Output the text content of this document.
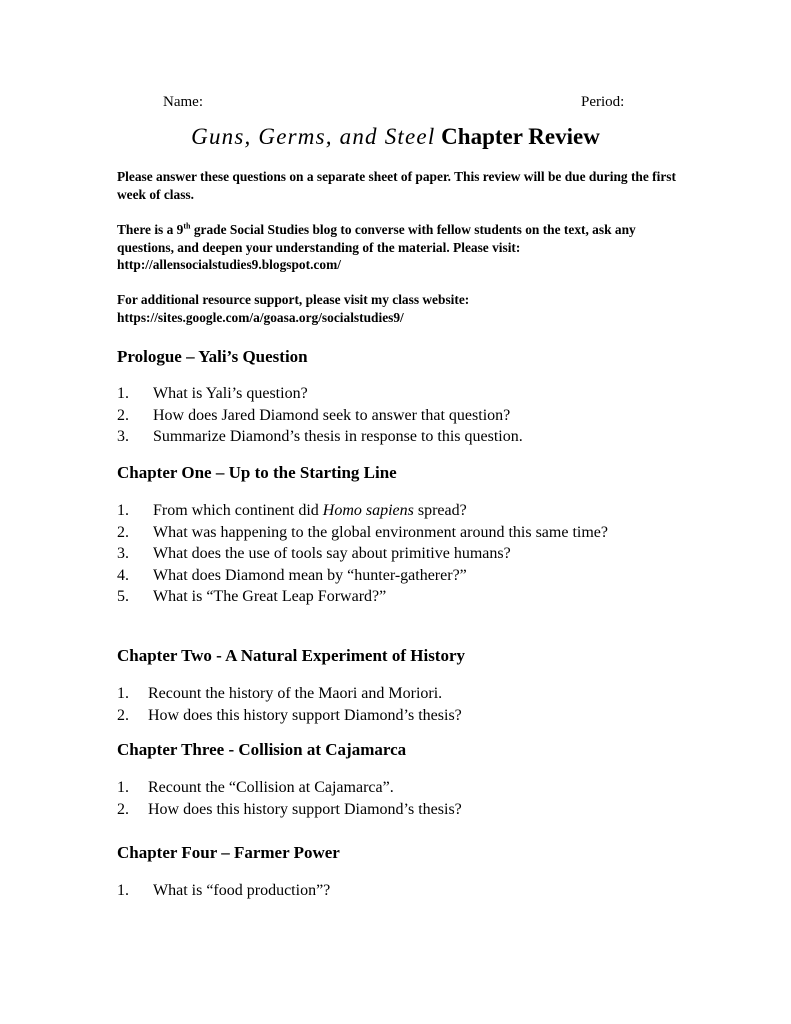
Name:	Period:
Guns, Germs, and Steel Chapter Review
Please answer these questions on a separate sheet of paper. This review will be due during the first week of class.
There is a 9th grade Social Studies blog to converse with fellow students on the text, ask any questions, and deepen your understanding of the material. Please visit: http://allensocialstudies9.blogspot.com/
For additional resource support, please visit my class website: https://sites.google.com/a/goasa.org/socialstudies9/
Prologue – Yali’s Question
1. What is Yali’s question?
2. How does Jared Diamond seek to answer that question?
3. Summarize Diamond’s thesis in response to this question.
Chapter One – Up to the Starting Line
1. From which continent did Homo sapiens spread?
2. What was happening to the global environment around this same time?
3. What does the use of tools say about primitive humans?
4. What does Diamond mean by “hunter-gatherer?”
5. What is “The Great Leap Forward?”
Chapter Two - A Natural Experiment of History
1. Recount the history of the Maori and Moriori.
2. How does this history support Diamond’s thesis?
Chapter Three - Collision at Cajamarca
1. Recount the “Collision at Cajamarca”.
2. How does this history support Diamond’s thesis?
Chapter Four – Farmer Power
1. What is “food production”?
